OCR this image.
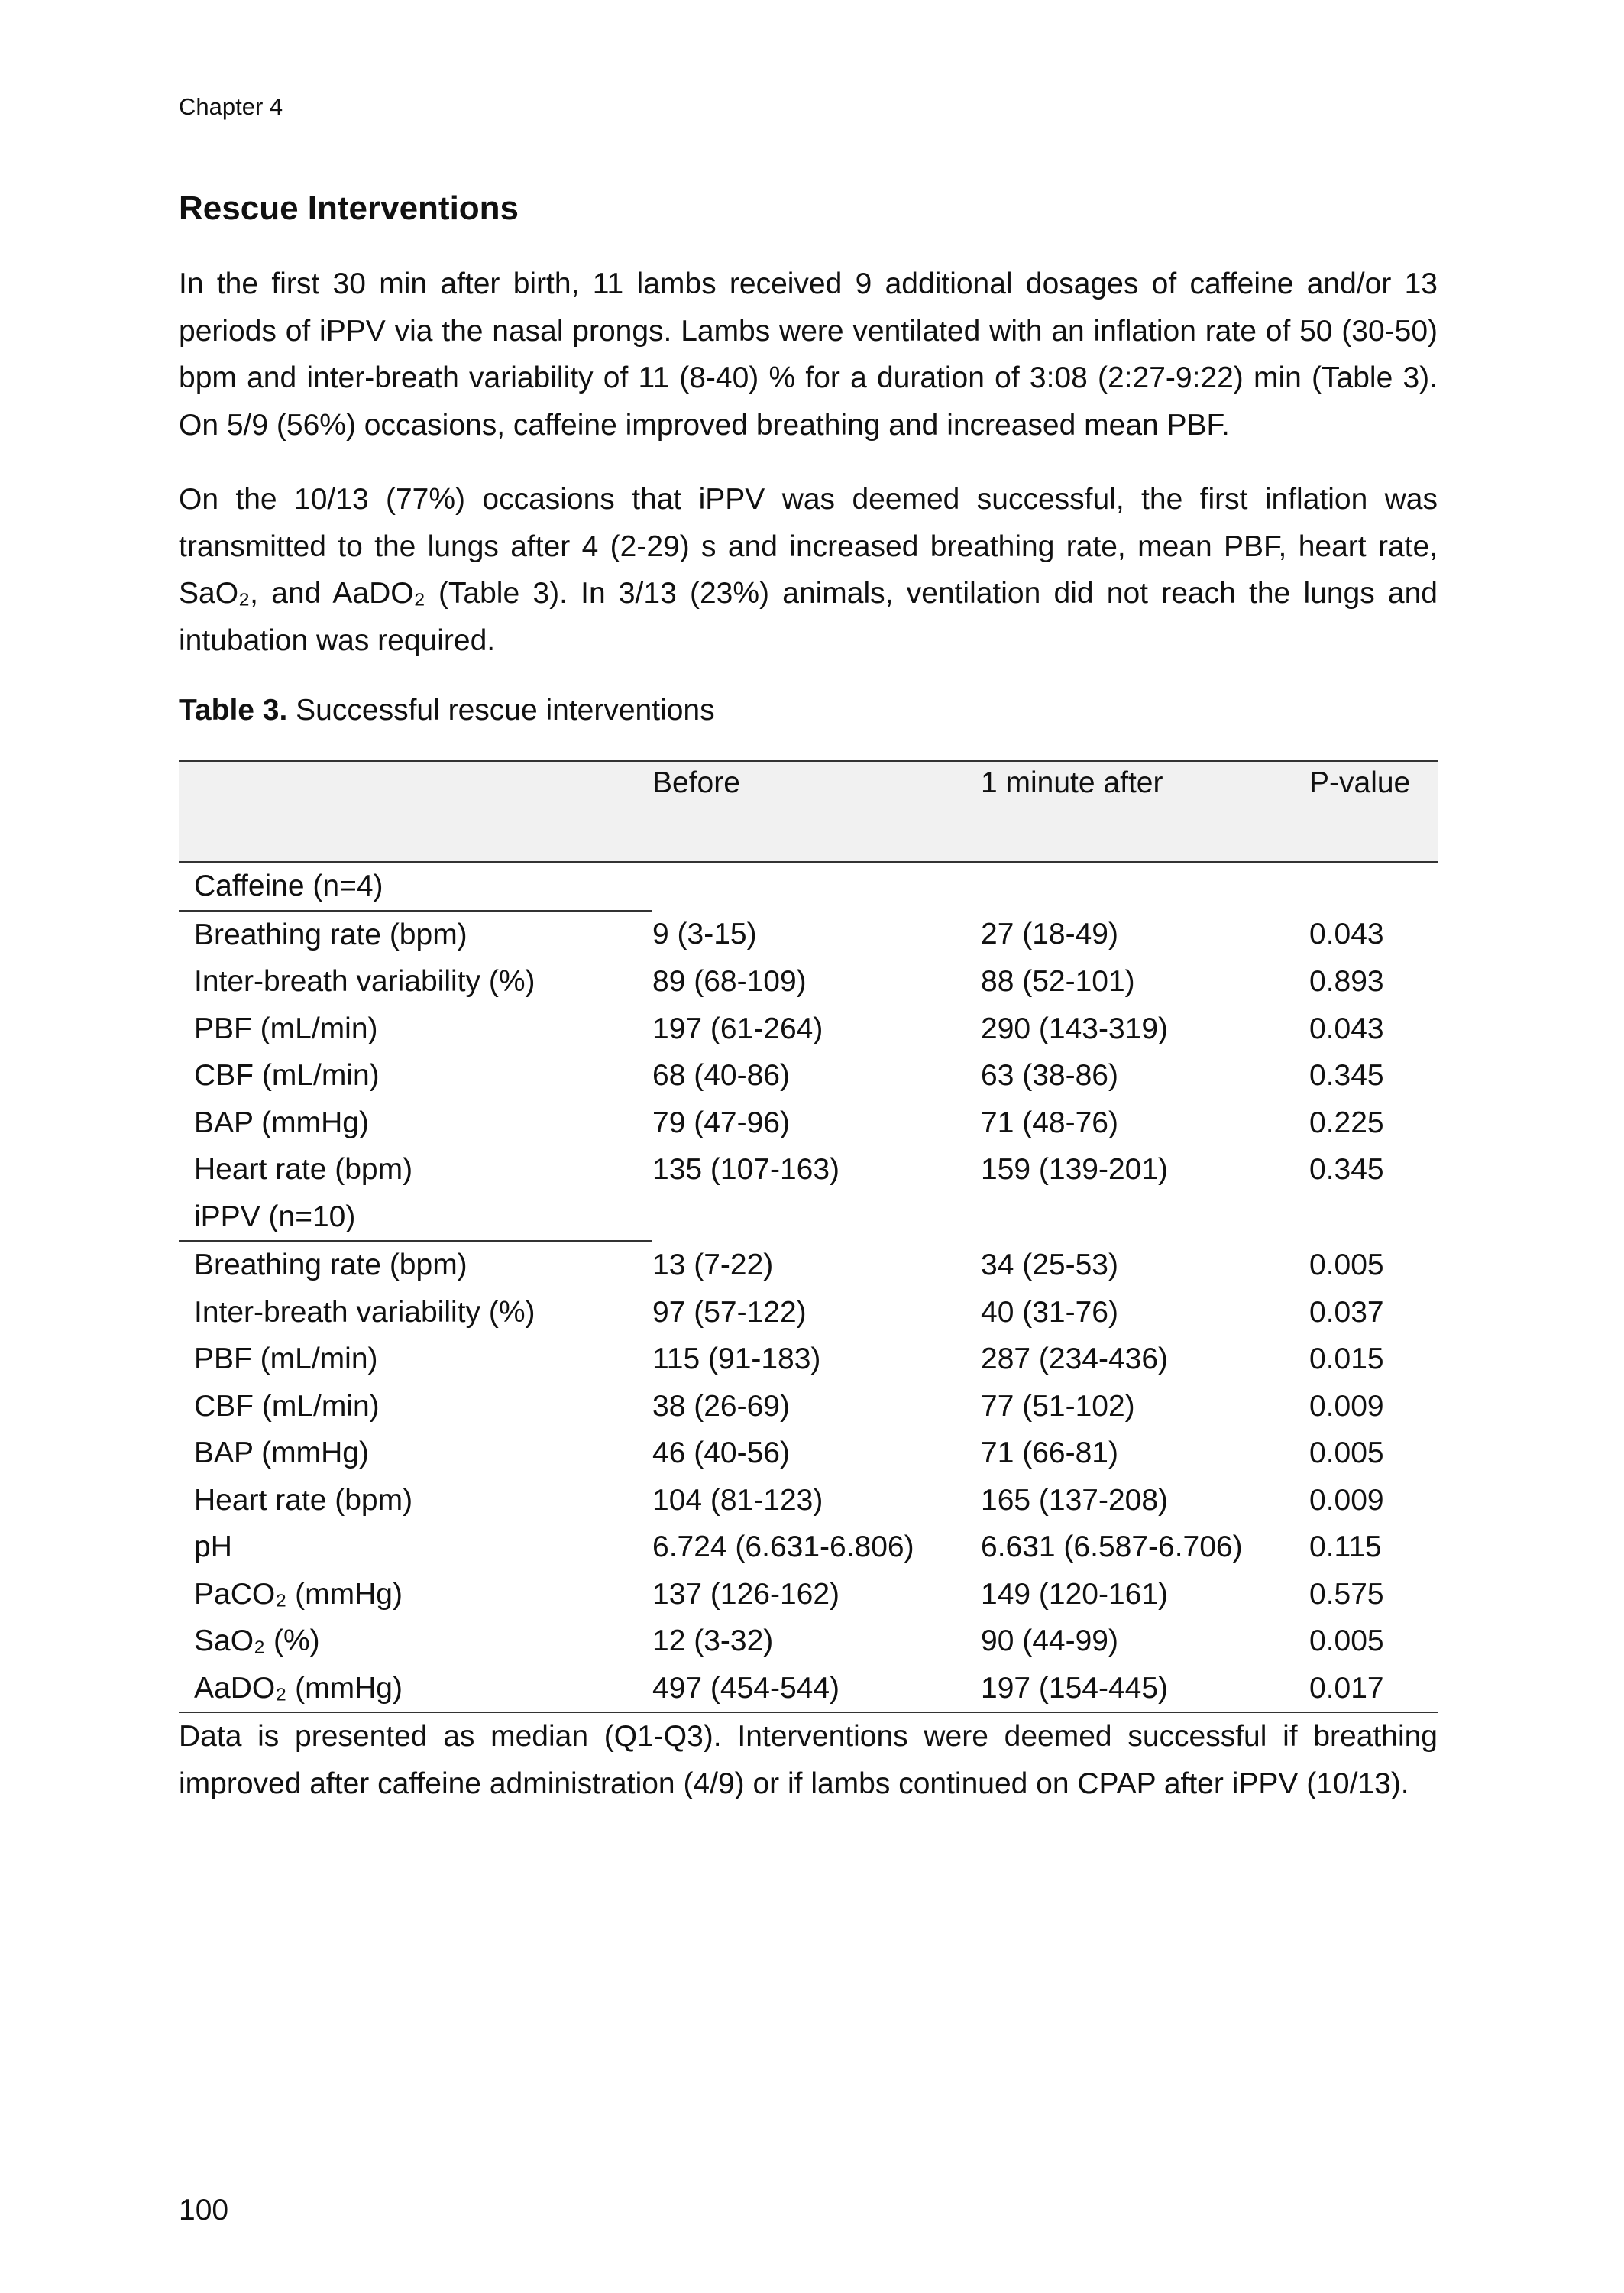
Chapter 4
Rescue Interventions

In the first 30 min after birth, 11 lambs received 9 additional dosages of caffeine and/or 13 periods of iPPV via the nasal prongs. Lambs were ventilated with an inflation rate of 50 (30-50) bpm and inter-breath variability of 11 (8-40) % for a duration of 3:08 (2:27-9:22) min (Table 3). On 5/9 (56%) occasions, caffeine improved breathing and increased mean PBF.

On the 10/13 (77%) occasions that iPPV was deemed successful, the first inflation was transmitted to the lungs after 4 (2-29) s and increased breathing rate, mean PBF, heart rate, SaO₂, and AaDO₂ (Table 3). In 3/13 (23%) animals, ventilation did not reach the lungs and intubation was required.

Table 3. Successful rescue interventions
	Before	1 minute after	P-value
Caffeine (n=4)			
Breathing rate (bpm)	9 (3-15)	27 (18-49)	0.043
Inter-breath variability (%)	89 (68-109)	88 (52-101)	0.893
PBF (mL/min)	197 (61-264)	290 (143-319)	0.043
CBF (mL/min)	68 (40-86)	63 (38-86)	0.345
BAP (mmHg)	79 (47-96)	71 (48-76)	0.225
Heart rate (bpm)	135 (107-163)	159 (139-201)	0.345
iPPV (n=10)			
Breathing rate (bpm)	13 (7-22)	34 (25-53)	0.005
Inter-breath variability (%)	97 (57-122)	40 (31-76)	0.037
PBF (mL/min)	115 (91-183)	287 (234-436)	0.015
CBF (mL/min)	38 (26-69)	77 (51-102)	0.009
BAP (mmHg)	46 (40-56)	71 (66-81)	0.005
Heart rate (bpm)	104 (81-123)	165 (137-208)	0.009
pH	6.724 (6.631-6.806)	6.631 (6.587-6.706)	0.115
PaCO₂ (mmHg)	137 (126-162)	149 (120-161)	0.575
SaO₂ (%)	12 (3-32)	90 (44-99)	0.005
AaDO₂ (mmHg)	497 (454-544)	197 (154-445)	0.017

Data is presented as median (Q1-Q3). Interventions were deemed successful if breathing improved after caffeine administration (4/9) or if lambs continued on CPAP after iPPV (10/13).

100
